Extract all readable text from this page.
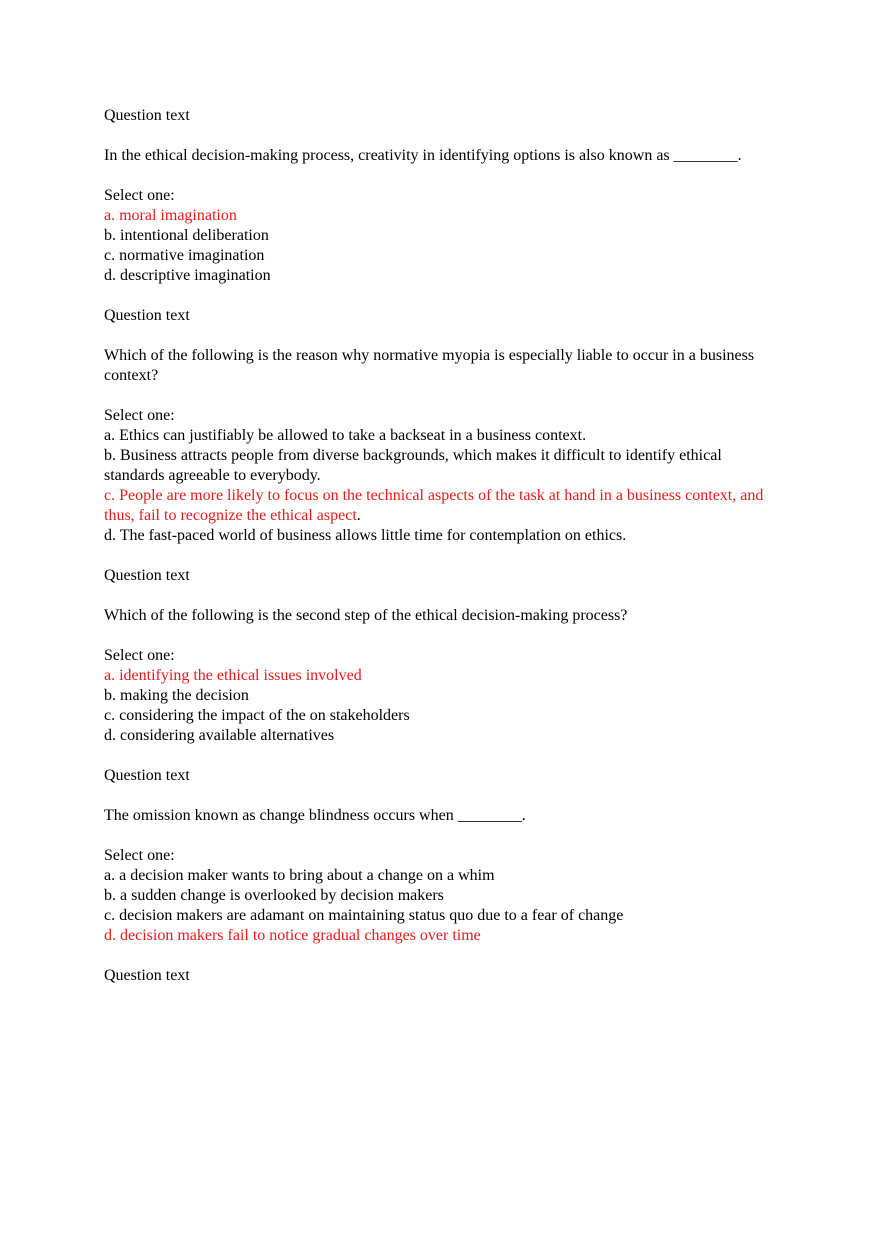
Question text

In the ethical decision-making process, creativity in identifying options is also known as ________.

Select one:

a. moral imagination
b. intentional deliberation
c. normative imagination
d. descriptive imagination

Question text

Which of the following is the reason why normative myopia is especially liable to occur in a business context?

Select one:

a. Ethics can justifiably be allowed to take a backseat in a business context.
b. Business attracts people from diverse backgrounds, which makes it difficult to identify ethical standards agreeable to everybody.
c. People are more likely to focus on the technical aspects of the task at hand in a business context, and thus, fail to recognize the ethical aspect.
d. The fast-paced world of business allows little time for contemplation on ethics.

Question text

Which of the following is the second step of the ethical decision-making process?

Select one:

a. identifying the ethical issues involved
b. making the decision
c. considering the impact of the on stakeholders
d. considering available alternatives

Question text

The omission known as change blindness occurs when ________.

Select one:

a. a decision maker wants to bring about a change on a whim
b. a sudden change is overlooked by decision makers
c. decision makers are adamant on maintaining status quo due to a fear of change
d. decision makers fail to notice gradual changes over time

Question text
